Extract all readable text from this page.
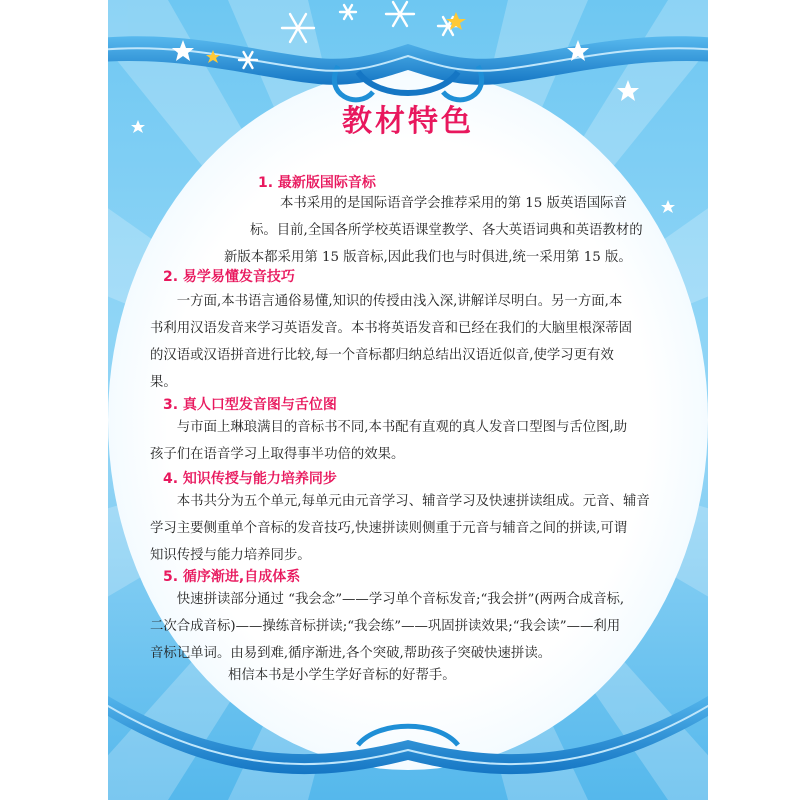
教材特色
1. 最新版国际音标

本书采用的是国际语音学会推荐采用的第 15 版英语国际音

标。目前,全国各所学校英语课堂教学、各大英语词典和英语教材的

新版本都采用第 15 版音标,因此我们也与时俱进,统一采用第 15 版。

2. 易学易懂发音技巧

一方面,本书语言通俗易懂,知识的传授由浅入深,讲解详尽明白。另一方面,本

书利用汉语发音来学习英语发音。本书将英语发音和已经在我们的大脑里根深蒂固

的汉语或汉语拼音进行比较,每一个音标都归纳总结出汉语近似音,使学习更有效

果。

3. 真人口型发音图与舌位图

与市面上琳琅满目的音标书不同,本书配有直观的真人发音口型图与舌位图,助

孩子们在语音学习上取得事半功倍的效果。

4. 知识传授与能力培养同步

本书共分为五个单元,每单元由元音学习、辅音学习及快速拼读组成。元音、辅音

学习主要侧重单个音标的发音技巧,快速拼读则侧重于元音与辅音之间的拼读,可谓

知识传授与能力培养同步。

5. 循序渐进,自成体系

快速拼读部分通过 “我会念”——学习单个音标发音;“我会拼”(两两合成音标,

二次合成音标)——操练音标拼读;“我会练”——巩固拼读效果;“我会读”——利用

音标记单词。由易到难,循序渐进,各个突破,帮助孩子突破快速拼读。

相信本书是小学生学好音标的好帮手。
